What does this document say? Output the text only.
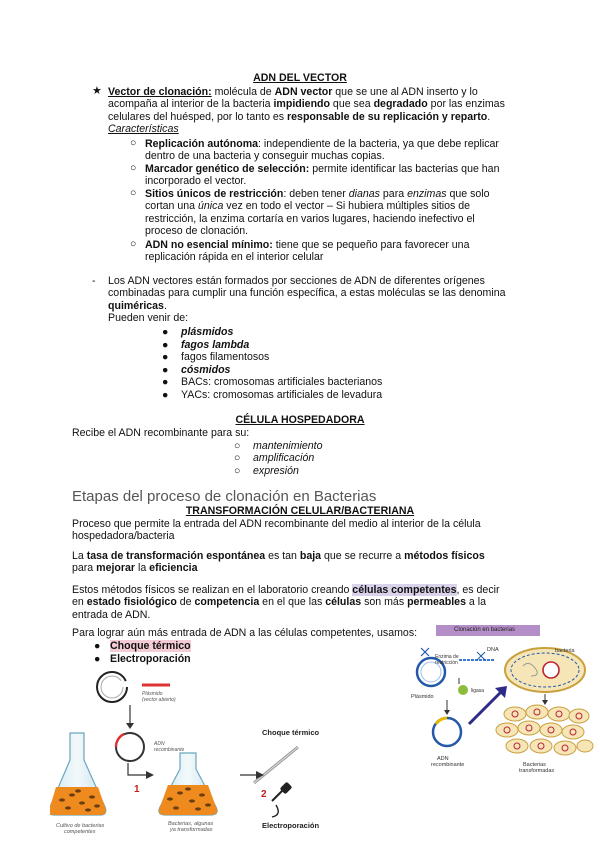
ADN DEL VECTOR
★ Vector de clonación: molécula de ADN vector que se une al ADN inserto y lo
acompaña al interior de la bacteria impidiendo que sea degradado por las enzimas
celulares del huésped, por lo tanto es responsable de su replicación y reparto.
Características
○ Replicación autónoma: independiente de la bacteria, ya que debe replicar
dentro de una bacteria y conseguir muchas copias.
○ Marcador genético de selección: permite identificar las bacterias que han
incorporado el vector.
○ Sitios únicos de restricción: deben tener dianas para enzimas que solo
cortan una única vez en todo el vector – Si hubiera múltiples sitios de
restricción, la enzima cortaría en varios lugares, haciendo inefectivo el
proceso de clonación.
○ ADN no esencial mínimo: tiene que se pequeño para favorecer una
replicación rápida en el interior celular
- Los ADN vectores están formados por secciones de ADN de diferentes orígenes
combinadas para cumplir una función específica, a estas moléculas se las denomina
quiméricas.
Pueden venir de:
● plásmidos
● fagos lambda
● fagos filamentosos
● cósmidos
● BACs: cromosomas artificiales bacterianos
● YACs: cromosomas artificiales de levadura
CÉLULA HOSPEDADORA
Recibe el ADN recombinante para su:
○ mantenimiento
○ amplificación
○ expresión
Etapas del proceso de clonación en Bacterias
TRANSFORMACIÓN CELULAR/BACTERIANA
Proceso que permite la entrada del ADN recombinante del medio al interior de la célula
hospedadora/bacteria
La tasa de transformación espontánea es tan baja que se recurre a métodos físicos
para mejorar la eficiencia
Estos métodos físicos se realizan en el laboratorio creando células competentes, es decir
en estado fisiológico de competencia en el que las células son más permeables a la
entrada de ADN.
Para lograr aún más entrada de ADN a las células competentes, usamos:
● Choque térmico
● Electroporación
Plásmido
(vector abierto)
ADN
recombinante
Cultivo de bacterias
competentes
1
Bacterias, algunas
ya transformadas
Choque térmico
2
Electroporación
Clonación en bacterias
Enzima de
restricción
Plásmido
DNA
ligasa
ADN
recombinante
bacteria
Bacterias
transformadas
